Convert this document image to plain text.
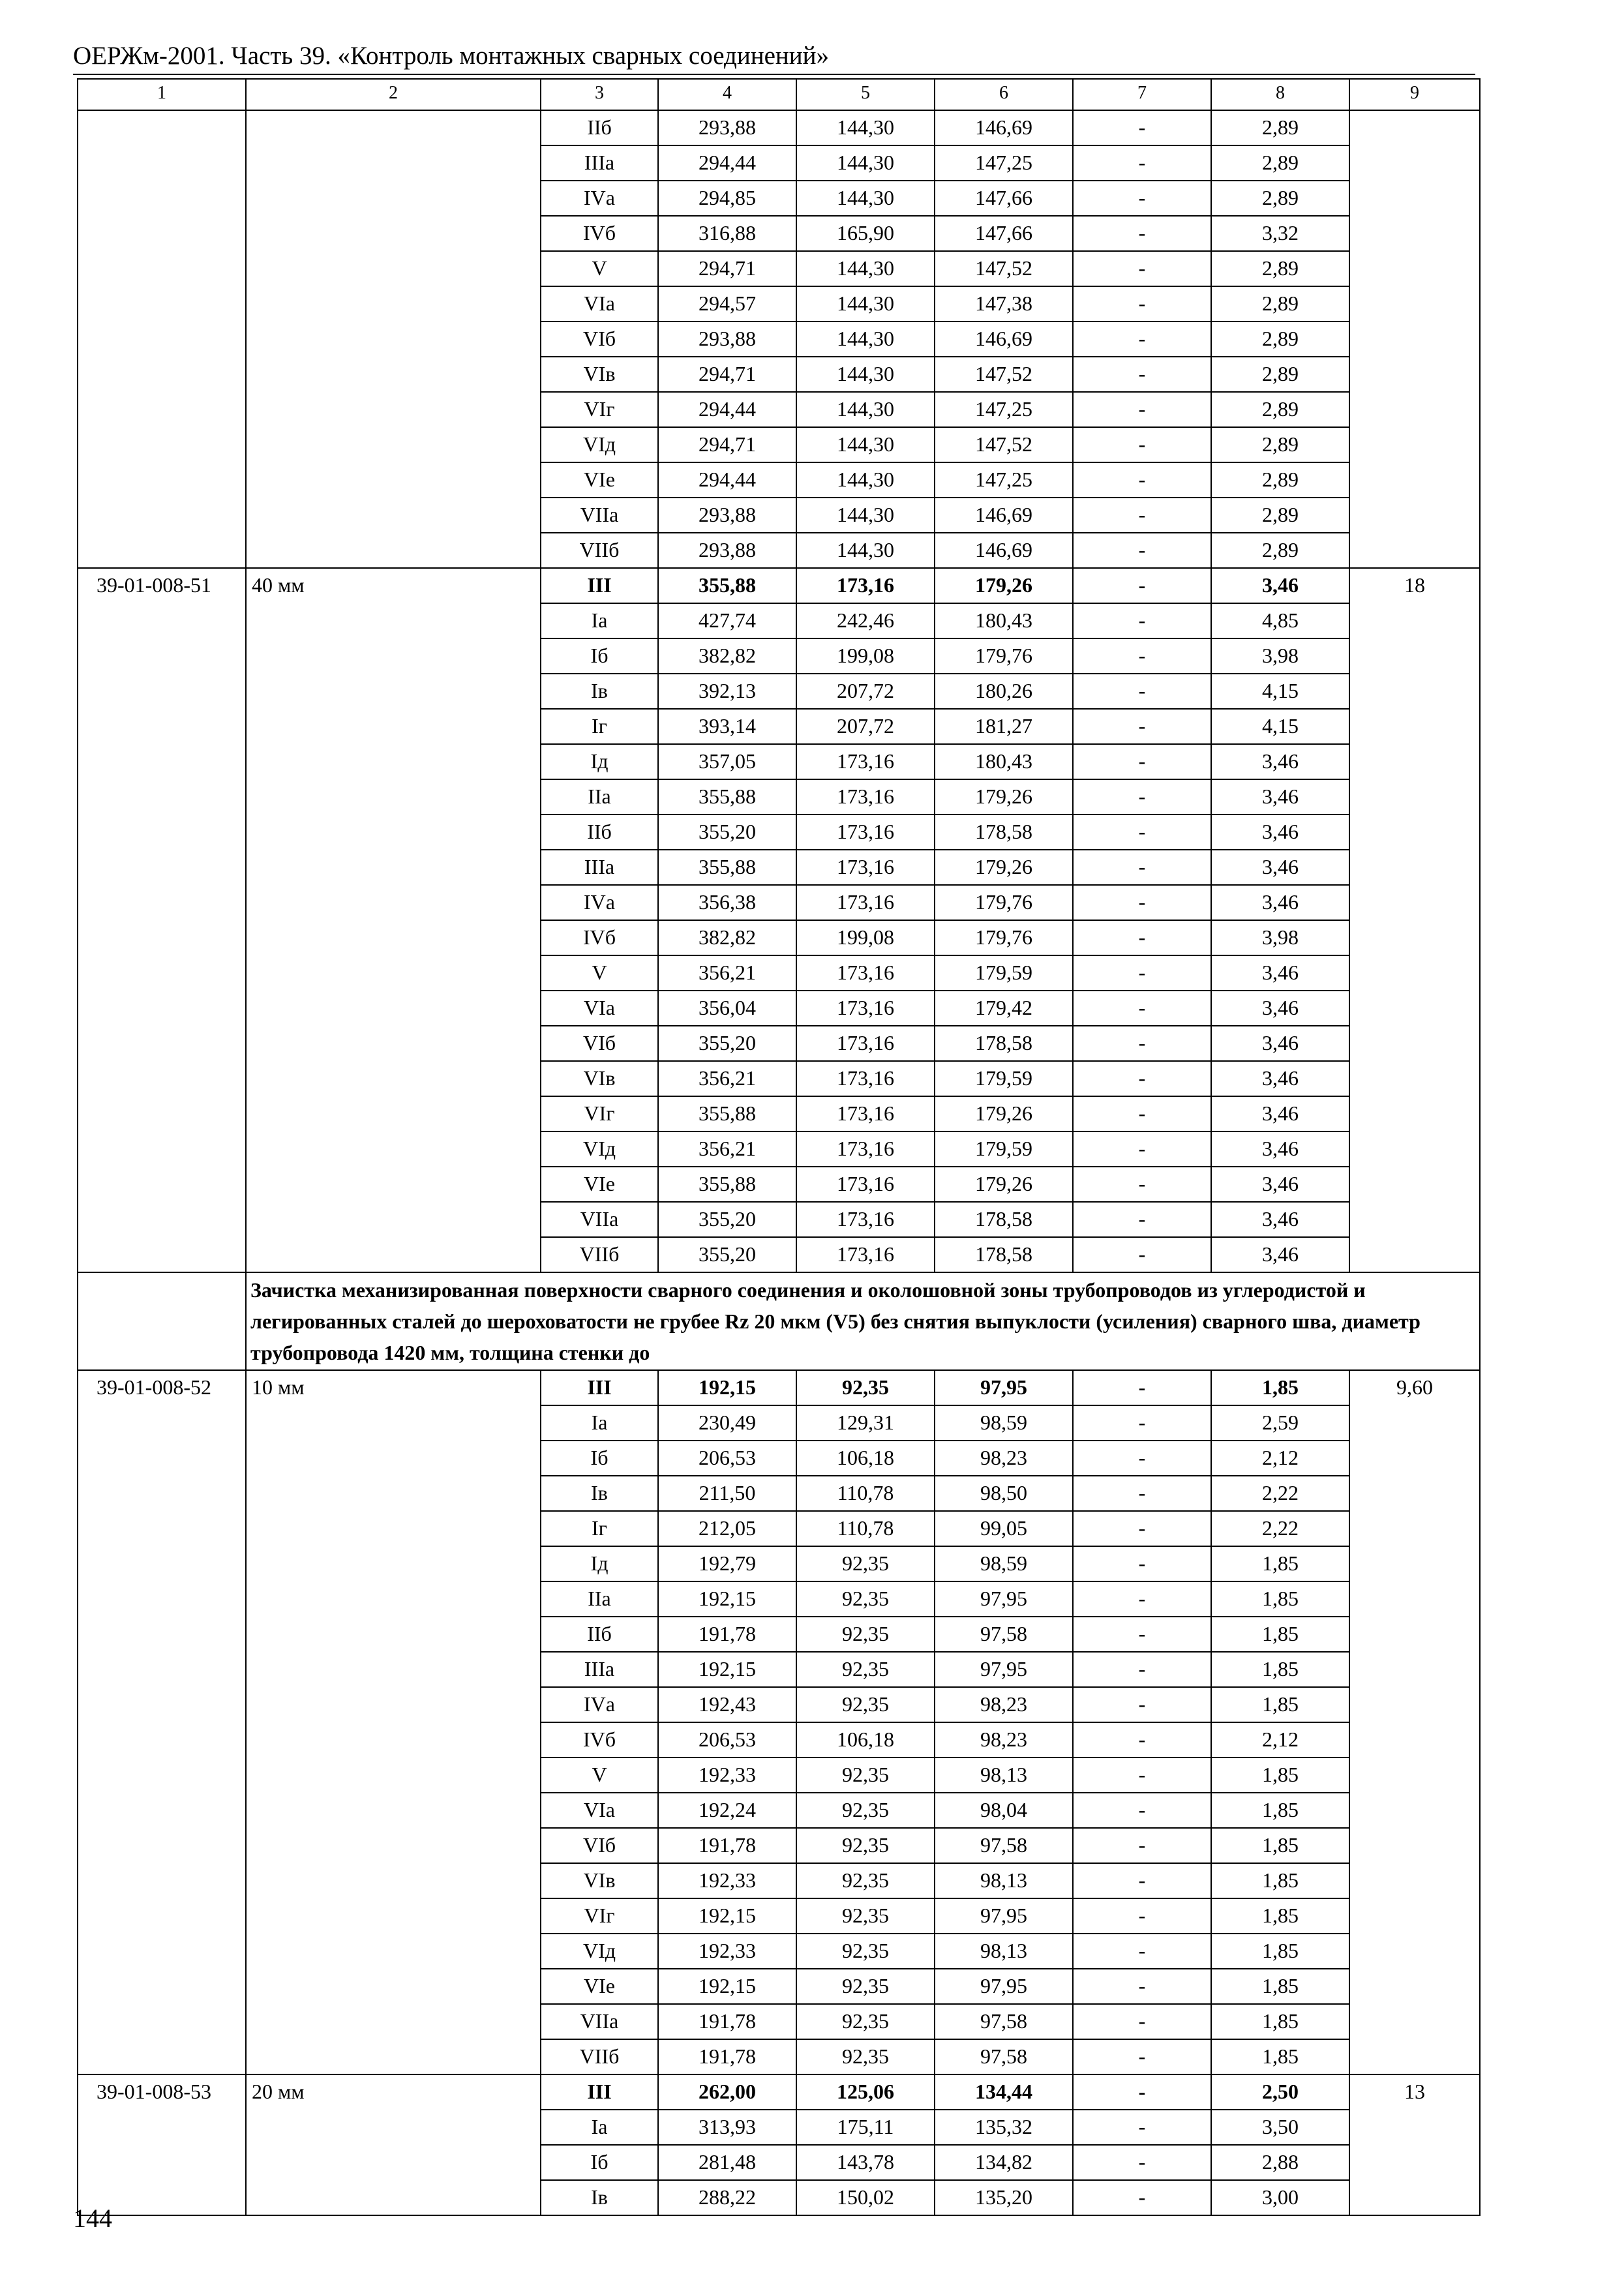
ОЕРЖм-2001. Часть 39. «Контроль монтажных сварных соединений»
1	2	3	4	5	6	7	8	9
		IIб	293,88	144,30	146,69	-	2,89	
		IIIа	294,44	144,30	147,25	-	2,89	
		IVа	294,85	144,30	147,66	-	2,89	
		IVб	316,88	165,90	147,66	-	3,32	
		V	294,71	144,30	147,52	-	2,89	
		VIа	294,57	144,30	147,38	-	2,89	
		VIб	293,88	144,30	146,69	-	2,89	
		VIв	294,71	144,30	147,52	-	2,89	
		VIг	294,44	144,30	147,25	-	2,89	
		VIд	294,71	144,30	147,52	-	2,89	
		VIе	294,44	144,30	147,25	-	2,89	
		VIIа	293,88	144,30	146,69	-	2,89	
		VIIб	293,88	144,30	146,69	-	2,89	
39-01-008-51	40 мм	III	355,88	173,16	179,26	-	3,46	18
		Iа	427,74	242,46	180,43	-	4,85	
		Iб	382,82	199,08	179,76	-	3,98	
		Iв	392,13	207,72	180,26	-	4,15	
		Iг	393,14	207,72	181,27	-	4,15	
		Iд	357,05	173,16	180,43	-	3,46	
		IIа	355,88	173,16	179,26	-	3,46	
		IIб	355,20	173,16	178,58	-	3,46	
		IIIа	355,88	173,16	179,26	-	3,46	
		IVа	356,38	173,16	179,76	-	3,46	
		IVб	382,82	199,08	179,76	-	3,98	
		V	356,21	173,16	179,59	-	3,46	
		VIа	356,04	173,16	179,42	-	3,46	
		VIб	355,20	173,16	178,58	-	3,46	
		VIв	356,21	173,16	179,59	-	3,46	
		VIг	355,88	173,16	179,26	-	3,46	
		VIд	356,21	173,16	179,59	-	3,46	
		VIе	355,88	173,16	179,26	-	3,46	
		VIIа	355,20	173,16	178,58	-	3,46	
		VIIб	355,20	173,16	178,58	-	3,46	
	Зачистка механизированная поверхности сварного соединения и околошовной зоны трубопроводов из углеродистой и легированных сталей до шероховатости не грубее Rz 20 мкм (V5) без снятия выпуклости (усиления) сварного шва, диаметр трубопровода 1420 мм, толщина стенки до							
39-01-008-52	10 мм	III	192,15	92,35	97,95	-	1,85	9,60
		Iа	230,49	129,31	98,59	-	2,59	
		Iб	206,53	106,18	98,23	-	2,12	
		Iв	211,50	110,78	98,50	-	2,22	
		Iг	212,05	110,78	99,05	-	2,22	
		Iд	192,79	92,35	98,59	-	1,85	
		IIа	192,15	92,35	97,95	-	1,85	
		IIб	191,78	92,35	97,58	-	1,85	
		IIIа	192,15	92,35	97,95	-	1,85	
		IVа	192,43	92,35	98,23	-	1,85	
		IVб	206,53	106,18	98,23	-	2,12	
		V	192,33	92,35	98,13	-	1,85	
		VIа	192,24	92,35	98,04	-	1,85	
		VIб	191,78	92,35	97,58	-	1,85	
		VIв	192,33	92,35	98,13	-	1,85	
		VIг	192,15	92,35	97,95	-	1,85	
		VIд	192,33	92,35	98,13	-	1,85	
		VIе	192,15	92,35	97,95	-	1,85	
		VIIа	191,78	92,35	97,58	-	1,85	
		VIIб	191,78	92,35	97,58	-	1,85	
39-01-008-53	20 мм	III	262,00	125,06	134,44	-	2,50	13
		Iа	313,93	175,11	135,32	-	3,50	
		Iб	281,48	143,78	134,82	-	2,88	
		Iв	288,22	150,02	135,20	-	3,00	
144
